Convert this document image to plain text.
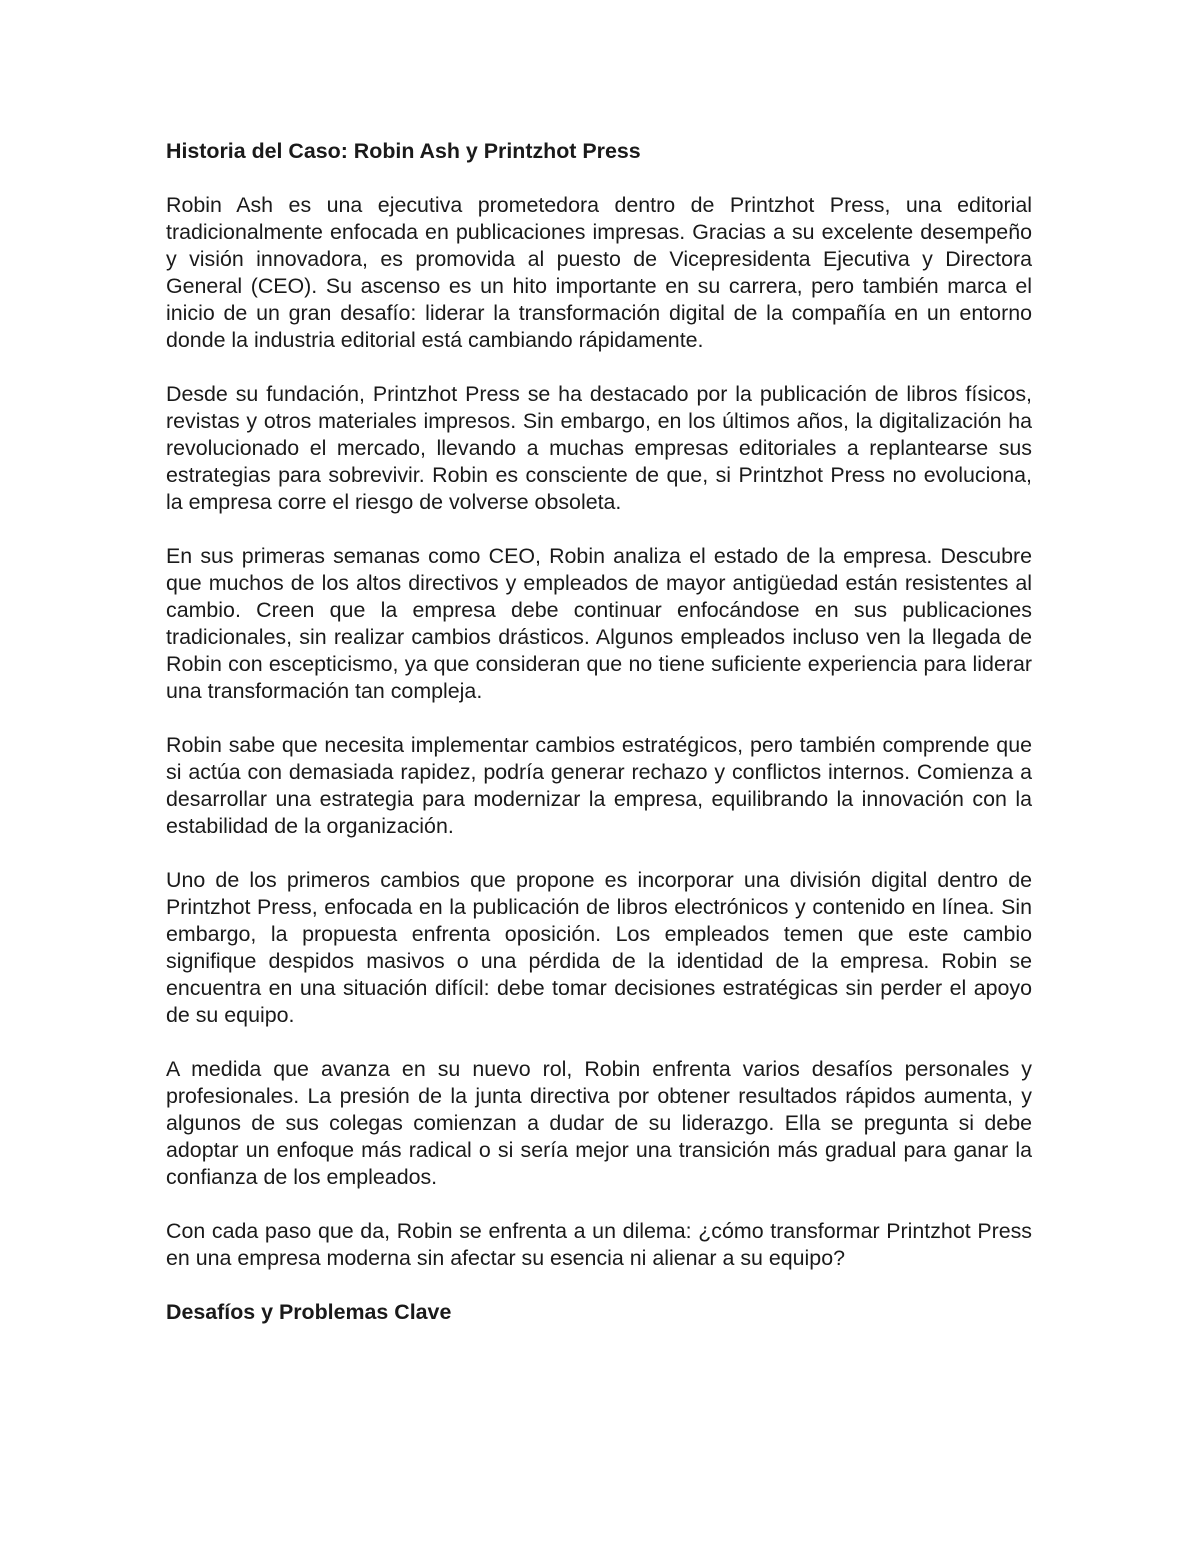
Historia del Caso: Robin Ash y Printzhot Press
Robin Ash es una ejecutiva prometedora dentro de Printzhot Press, una editorial tradicionalmente enfocada en publicaciones impresas. Gracias a su excelente desempeño y visión innovadora, es promovida al puesto de Vicepresidenta Ejecutiva y Directora General (CEO). Su ascenso es un hito importante en su carrera, pero también marca el inicio de un gran desafío: liderar la transformación digital de la compañía en un entorno donde la industria editorial está cambiando rápidamente.
Desde su fundación, Printzhot Press se ha destacado por la publicación de libros físicos, revistas y otros materiales impresos. Sin embargo, en los últimos años, la digitalización ha revolucionado el mercado, llevando a muchas empresas editoriales a replantearse sus estrategias para sobrevivir. Robin es consciente de que, si Printzhot Press no evoluciona, la empresa corre el riesgo de volverse obsoleta.
En sus primeras semanas como CEO, Robin analiza el estado de la empresa. Descubre que muchos de los altos directivos y empleados de mayor antigüedad están resistentes al cambio. Creen que la empresa debe continuar enfocándose en sus publicaciones tradicionales, sin realizar cambios drásticos. Algunos empleados incluso ven la llegada de Robin con escepticismo, ya que consideran que no tiene suficiente experiencia para liderar una transformación tan compleja.
Robin sabe que necesita implementar cambios estratégicos, pero también comprende que si actúa con demasiada rapidez, podría generar rechazo y conflictos internos. Comienza a desarrollar una estrategia para modernizar la empresa, equilibrando la innovación con la estabilidad de la organización.
Uno de los primeros cambios que propone es incorporar una división digital dentro de Printzhot Press, enfocada en la publicación de libros electrónicos y contenido en línea. Sin embargo, la propuesta enfrenta oposición. Los empleados temen que este cambio signifique despidos masivos o una pérdida de la identidad de la empresa. Robin se encuentra en una situación difícil: debe tomar decisiones estratégicas sin perder el apoyo de su equipo.
A medida que avanza en su nuevo rol, Robin enfrenta varios desafíos personales y profesionales. La presión de la junta directiva por obtener resultados rápidos aumenta, y algunos de sus colegas comienzan a dudar de su liderazgo. Ella se pregunta si debe adoptar un enfoque más radical o si sería mejor una transición más gradual para ganar la confianza de los empleados.
Con cada paso que da, Robin se enfrenta a un dilema: ¿cómo transformar Printzhot Press en una empresa moderna sin afectar su esencia ni alienar a su equipo?
Desafíos y Problemas Clave
